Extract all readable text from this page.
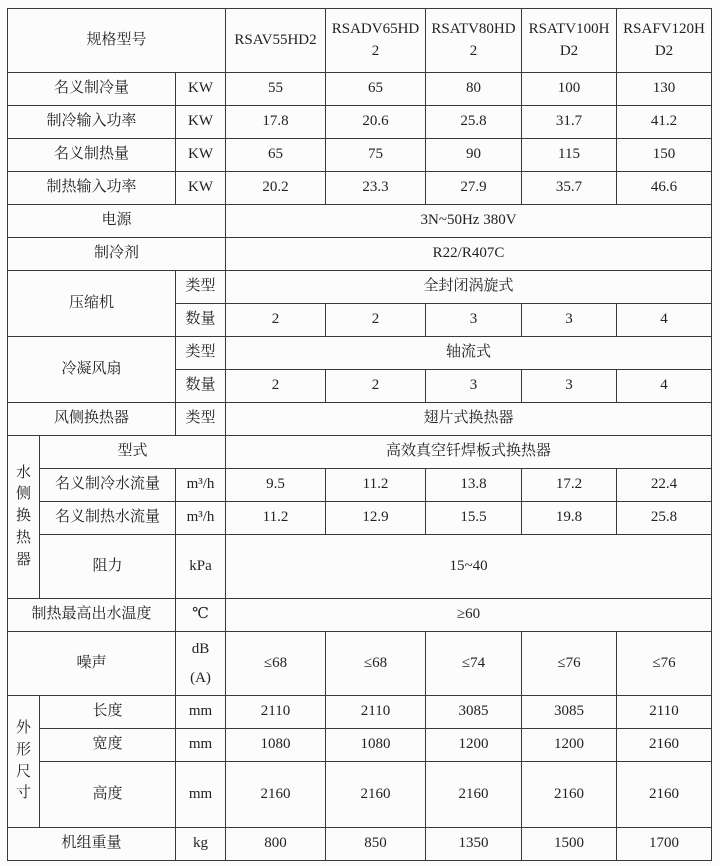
规格型号			RSAV55HD2	RSADV65HD2	RSATV80HD2	RSATV100HD2	RSAFV120HD2
名义制冷量		KW	55	65	80	100	130
制冷输入功率		KW	17.8	20.6	25.8	31.7	41.2
名义制热量		KW	65	75	90	115	150
制热输入功率		KW	20.2	23.3	27.9	35.7	46.6
电源			3N~50Hz 380V				
制冷剂			R22/R407C				
压缩机		类型	全封闭涡旋式				
		数量	2	2	3	3	4
冷凝风扇		类型	轴流式				
		数量	2	2	3	3	4
风侧换热器		类型	翅片式换热器				
水侧换热器	型式		高效真空钎焊板式换热器				
	名义制冷水流量	m³/h	9.5	11.2	13.8	17.2	22.4
	名义制热水流量	m³/h	11.2	12.9	15.5	19.8	25.8
	阻力	kPa	15~40				
制热最高出水温度		℃	≥60				
噪声		dB(A)	≤68	≤68	≤74	≤76	≤76
外形尺寸	长度	mm	2110	2110	3085	3085	2110
	宽度	mm	1080	1080	1200	1200	2160
	高度	mm	2160	2160	2160	2160	2160
机组重量		kg	800	850	1350	1500	1700
